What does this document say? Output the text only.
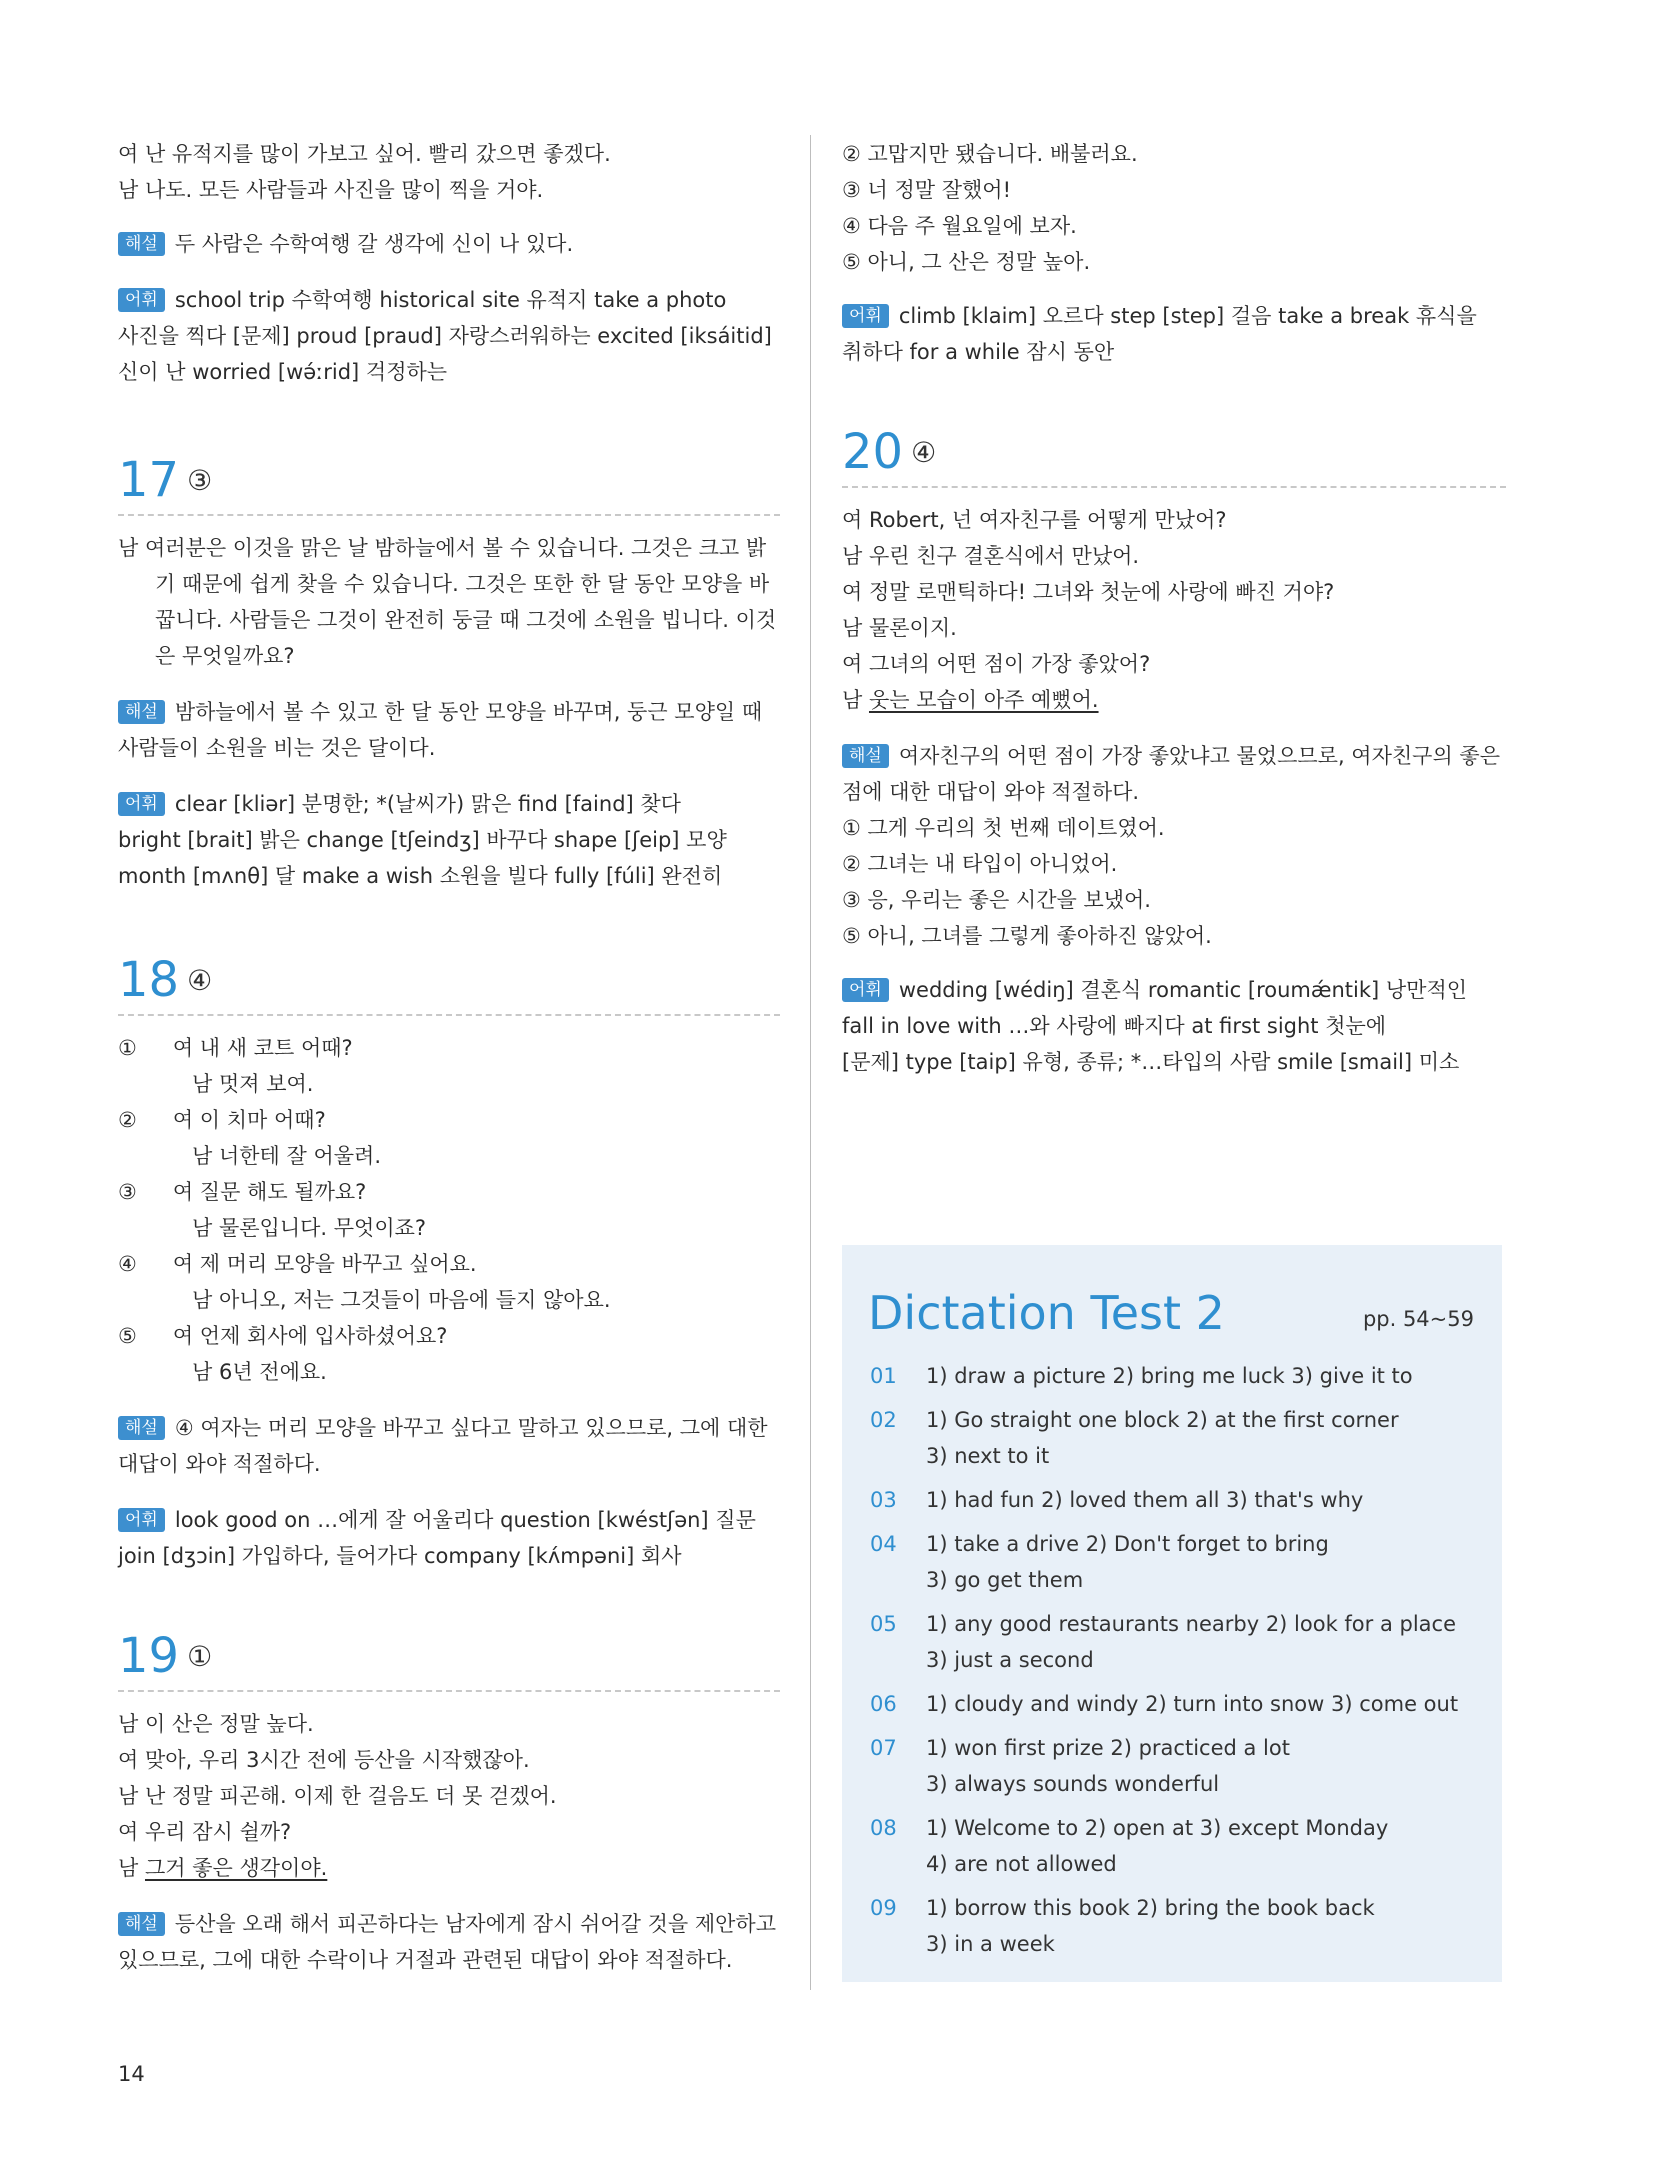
여 난 유적지를 많이 가보고 싶어. 빨리 갔으면 좋겠다.
남 나도. 모든 사람들과 사진을 많이 찍을 거야.
해설 두 사람은 수학여행 갈 생각에 신이 나 있다.
어휘 school trip 수학여행 historical site 유적지 take a photo
사진을 찍다 [문제] proud [praud] 자랑스러워하는 excited [iksáitid]
신이 난 worried [wə́ːrid] 걱정하는
17 ③
남 여러분은 이것을 맑은 날 밤하늘에서 볼 수 있습니다. 그것은 크고 밝
기 때문에 쉽게 찾을 수 있습니다. 그것은 또한 한 달 동안 모양을 바
꿉니다. 사람들은 그것이 완전히 둥글 때 그것에 소원을 빕니다. 이것
은 무엇일까요?
해설 밤하늘에서 볼 수 있고 한 달 동안 모양을 바꾸며, 둥근 모양일 때
사람들이 소원을 비는 것은 달이다.
어휘 clear [kliər] 분명한; *(날씨가) 맑은 find [faind] 찾다
bright [brait] 밝은 change [tʃeindʒ] 바꾸다 shape [ʃeip] 모양
month [mʌnθ] 달 make a wish 소원을 빌다 fully [fúli] 완전히
18 ④
① 여 내 새 코트 어때?
남 멋져 보여.
② 여 이 치마 어때?
남 너한테 잘 어울려.
③ 여 질문 해도 될까요?
남 물론입니다. 무엇이죠?
④ 여 제 머리 모양을 바꾸고 싶어요.
남 아니오, 저는 그것들이 마음에 들지 않아요.
⑤ 여 언제 회사에 입사하셨어요?
남 6년 전에요.
해설 ④ 여자는 머리 모양을 바꾸고 싶다고 말하고 있으므로, 그에 대한
대답이 와야 적절하다.
어휘 look good on …에게 잘 어울리다 question [kwéstʃən] 질문
join [dʒɔin] 가입하다, 들어가다 company [kʌ́mpəni] 회사
19 ①
남 이 산은 정말 높다.
여 맞아, 우리 3시간 전에 등산을 시작했잖아.
남 난 정말 피곤해. 이제 한 걸음도 더 못 걷겠어.
여 우리 잠시 쉴까?
남 그거 좋은 생각이야.
해설 등산을 오래 해서 피곤하다는 남자에게 잠시 쉬어갈 것을 제안하고
있으므로, 그에 대한 수락이나 거절과 관련된 대답이 와야 적절하다.
14
② 고맙지만 됐습니다. 배불러요.
③ 너 정말 잘했어!
④ 다음 주 월요일에 보자.
⑤ 아니, 그 산은 정말 높아.
어휘 climb [klaim] 오르다 step [step] 걸음 take a break 휴식을
취하다 for a while 잠시 동안
20 ④
여 Robert, 넌 여자친구를 어떻게 만났어?
남 우린 친구 결혼식에서 만났어.
여 정말 로맨틱하다! 그녀와 첫눈에 사랑에 빠진 거야?
남 물론이지.
여 그녀의 어떤 점이 가장 좋았어?
남 웃는 모습이 아주 예뻤어.
해설 여자친구의 어떤 점이 가장 좋았냐고 물었으므로, 여자친구의 좋은
점에 대한 대답이 와야 적절하다.
① 그게 우리의 첫 번째 데이트였어.
② 그녀는 내 타입이 아니었어.
③ 응, 우리는 좋은 시간을 보냈어.
⑤ 아니, 그녀를 그렇게 좋아하진 않았어.
어휘 wedding [wédiŋ] 결혼식 romantic [roumǽntik] 낭만적인
fall in love with …와 사랑에 빠지다 at first sight 첫눈에
[문제] type [taip] 유형, 종류; *…타입의 사람 smile [smail] 미소
Dictation Test 2	pp. 54~59
01 1) draw a picture 2) bring me luck 3) give it to
02 1) Go straight one block 2) at the first corner
3) next to it
03 1) had fun 2) loved them all 3) that's why
04 1) take a drive 2) Don't forget to bring
3) go get them
05 1) any good restaurants nearby 2) look for a place
3) just a second
06 1) cloudy and windy 2) turn into snow 3) come out
07 1) won first prize 2) practiced a lot
3) always sounds wonderful
08 1) Welcome to 2) open at 3) except Monday
4) are not allowed
09 1) borrow this book 2) bring the book back
3) in a week
